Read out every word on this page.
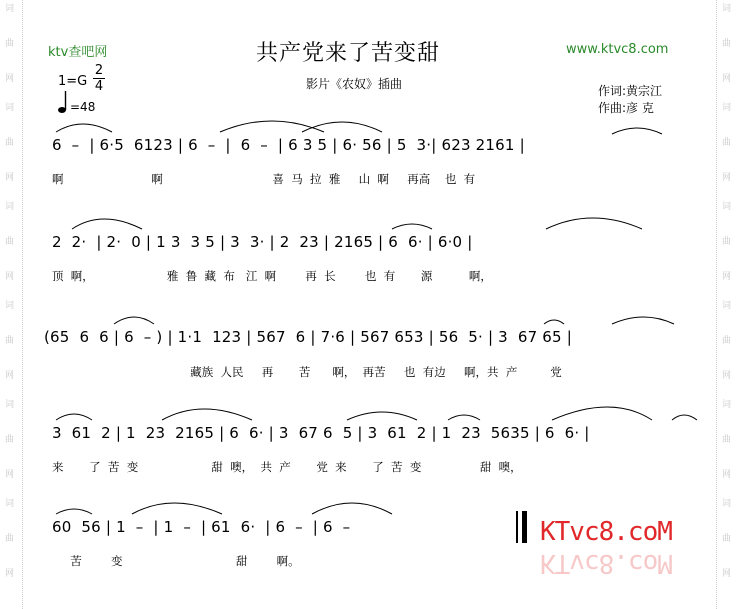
词
曲
网
词
曲
网
词
曲
网
词
曲
网
词
曲
网
词
曲
网
词
曲
网
词
曲
网
词
曲
网
词
曲
网
词
曲
网
词
曲
网
ktv查吧网	共产党来了苦变甜	www.ktvc8.com
影片《农奴》插曲	作词:黄宗江
作曲:彦 克
1=G
2
4
=48
6  –  | 6·5  6123 | 6  –  |  6  –  | 6 3 5 | 6· 56 | 5  3·| 623 2161 |
啊                        啊                              喜  马  拉  雅     山  啊     再高    也  有
2  2·  | 2·  0 | 1 3  3 5 | 3  3· | 2  23 | 2165 | 6  6· | 6·0 |
顶  啊，                    雅  鲁  藏  布   江  啊        再  长        也  有       源          啊，
(65  6  6 | 6  – ) | 1·1  123 | 567  6 | 7·6 | 567 653 | 56  5· | 3  67 65 |
藏族  人民     再       苦      啊，  再苦     也  有边     啊，共  产         党
3  61  2 | 1  23  2165 | 6  6· | 3  67 6  5 | 3  61  2 | 1  23  5635 | 6  6· |
来       了  苦  变                    甜  噢，  共  产       党  来       了  苦  变                甜  噢，
60  56 | 1  –  | 1  –  | 61  6·  | 6  –  | 6  –
苦        变                               甜        啊。
KTvc8.coM
KTvc8.coM
